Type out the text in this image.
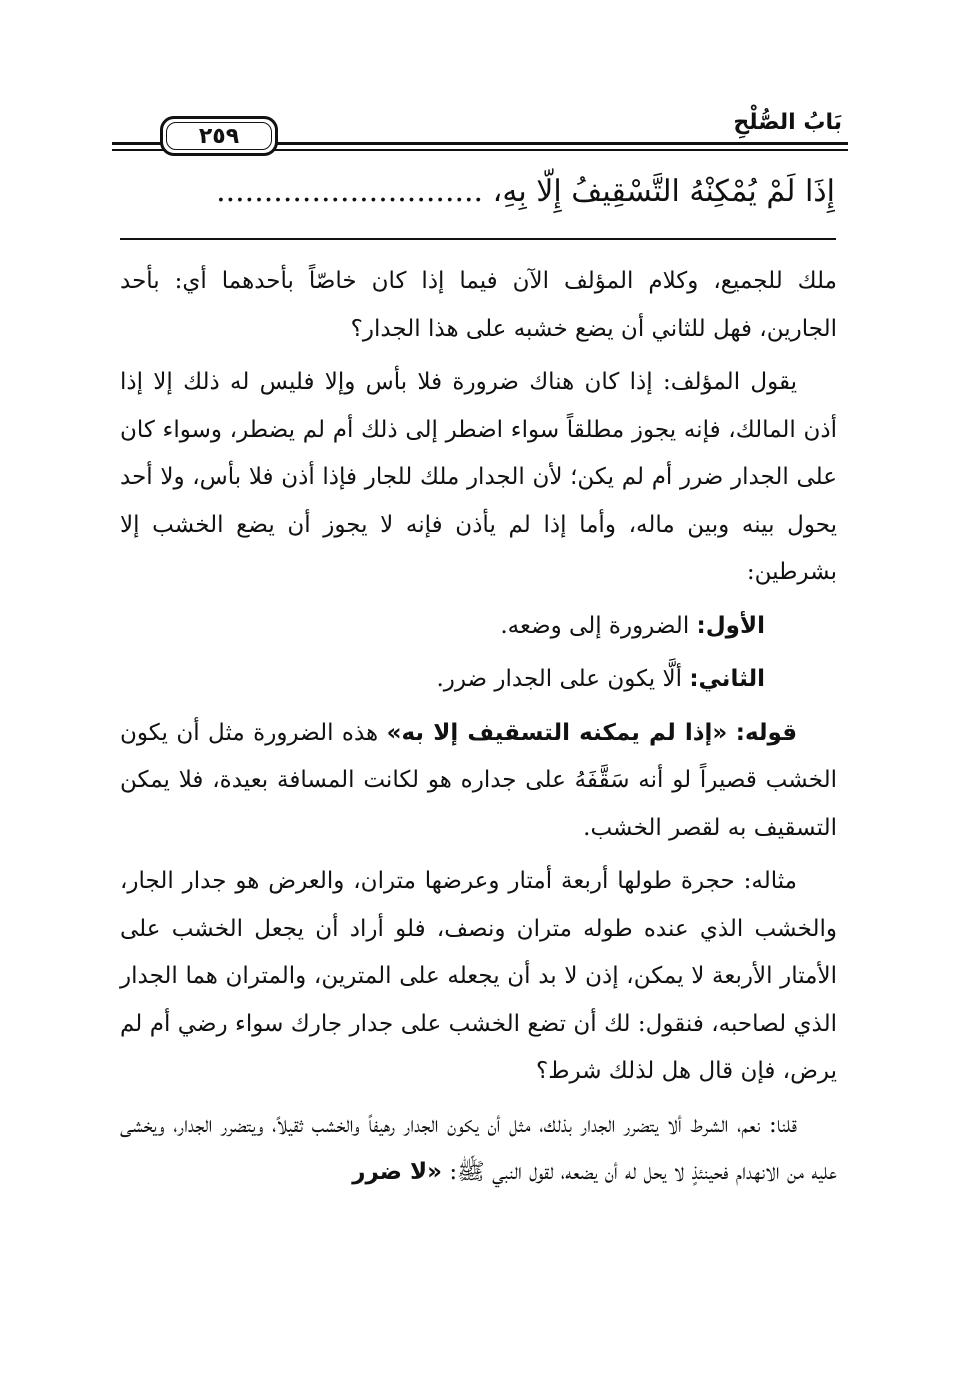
٢٥٩
بَابُ الصُّلْحِ
إِذَا لَمْ يُمْكِنْهُ التَّسْقِيفُ إِلَّا بِهِ، ............................

ملك للجميع، وكلام المؤلف الآن فيما إذا كان خاصّاً بأحدهما أي: بأحد الجارين، فهل للثاني أن يضع خشبه على هذا الجدار؟

يقول المؤلف: إذا كان هناك ضرورة فلا بأس وإلا فليس له ذلك إلا إذا أذن المالك، فإنه يجوز مطلقاً سواء اضطر إلى ذلك أم لم يضطر، وسواء كان على الجدار ضرر أم لم يكن؛ لأن الجدار ملك للجار فإذا أذن فلا بأس، ولا أحد يحول بينه وبين ماله، وأما إذا لم يأذن فإنه لا يجوز أن يضع الخشب إلا بشرطين:

الأول: الضرورة إلى وضعه.

الثاني: ألَّا يكون على الجدار ضرر.

قوله: «إذا لم يمكنه التسقيف إلا به» هذه الضرورة مثل أن يكون الخشب قصيراً لو أنه سَقَّفَهُ على جداره هو لكانت المسافة بعيدة، فلا يمكن التسقيف به لقصر الخشب.

مثاله: حجرة طولها أربعة أمتار وعرضها متران، والعرض هو جدار الجار، والخشب الذي عنده طوله متران ونصف، فلو أراد أن يجعل الخشب على الأمتار الأربعة لا يمكن، إذن لا بد أن يجعله على المترين، والمتران هما الجدار الذي لصاحبه، فنقول: لك أن تضع الخشب على جدار جارك سواء رضي أم لم يرض، فإن قال هل لذلك شرط؟

قلنا: نعم، الشرط ألا يتضرر الجدار بذلك، مثل أن يكون الجدار رهيفاً والخشب ثقيلاً، ويتضرر الجدار، ويخشى عليه من الانهدام فحينئذٍ لا يحل له أن يضعه، لقول النبي ﷺ: «لا ضرر
